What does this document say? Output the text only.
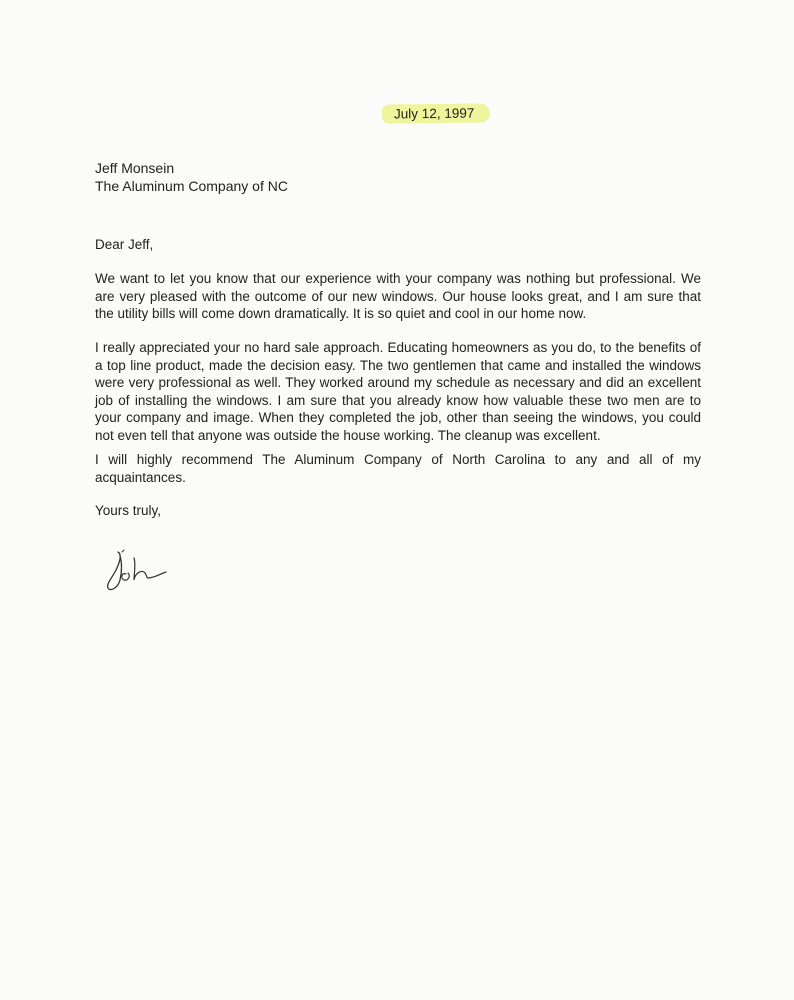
July 12, 1997
Jeff Monsein
The Aluminum Company of NC
Dear Jeff,
We want to let you know that our experience with your company was nothing but professional. We are very pleased with the outcome of our new windows. Our house looks great, and I am sure that the utility bills will come down dramatically. It is so quiet and cool in our home now.
I really appreciated your no hard sale approach. Educating homeowners as you do, to the benefits of a top line product, made the decision easy. The two gentlemen that came and installed the windows were very professional as well. They worked around my schedule as necessary and did an excellent job of installing the windows. I am sure that you already know how valuable these two men are to your company and image. When they completed the job, other than seeing the windows, you could not even tell that anyone was outside the house working. The cleanup was excellent.
I will highly recommend The Aluminum Company of North Carolina to any and all of my acquaintances.
Yours truly,
